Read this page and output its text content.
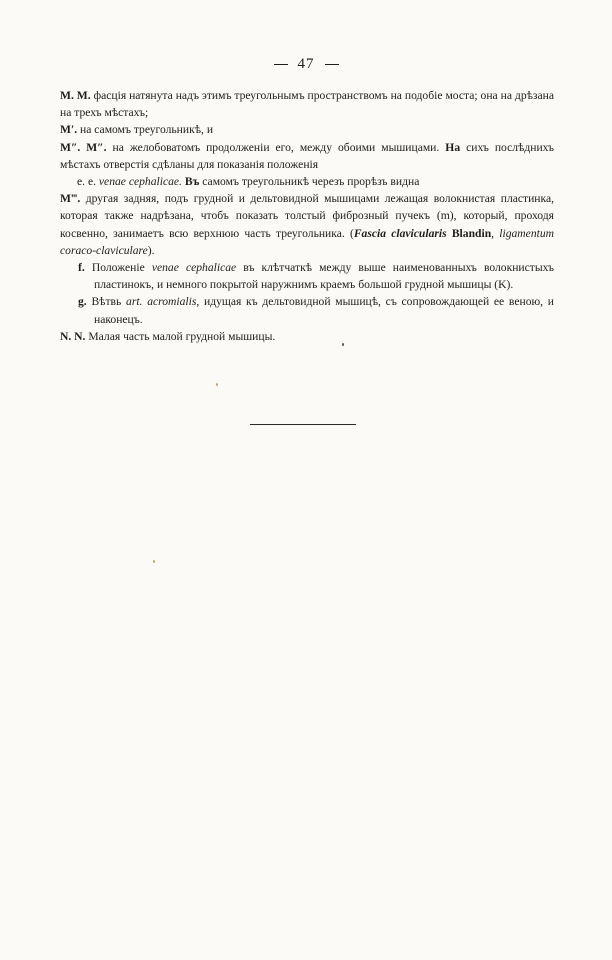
47

M. M. фасція натянута надъ этимъ треугольнымъ пространствомъ на подобіе моста; она на дрѣзана на трехъ мѣстахъ;

M′. на самомъ треугольникѣ, и

M″. M″. на желобоватомъ продолженіи его, между обоими мышицами. На сихъ послѣднихъ мѣстахъ отверстія сдѣланы для показанія положенія

e. e. venae cephalicae. Въ самомъ треугольникѣ черезъ прорѣзъ видна

M‴. другая задняя, подъ грудной и дельтовидной мышицами лежащая волокнистая пластинка, которая также надрѣзана, чтобъ показать толстый фиброзный пучекъ (m), который, проходя косвенно, занимаетъ всю верхнюю часть треугольника. (Fascia clavicularis Blandin, ligamentum coraco-claviculare).

f. Положеніе venae cephalicae въ клѣтчаткѣ между выше наименованныхъ волокнистыхъ пластинокъ, и немного покрытой наружнимъ краемъ большой грудной мышицы (K).

g. Вѣтвь art. acromialis, идущая къ дельтовидной мышицѣ, съ сопровождающей ее веною, и наконецъ.

N. N. Малая часть малой грудной мышицы.
